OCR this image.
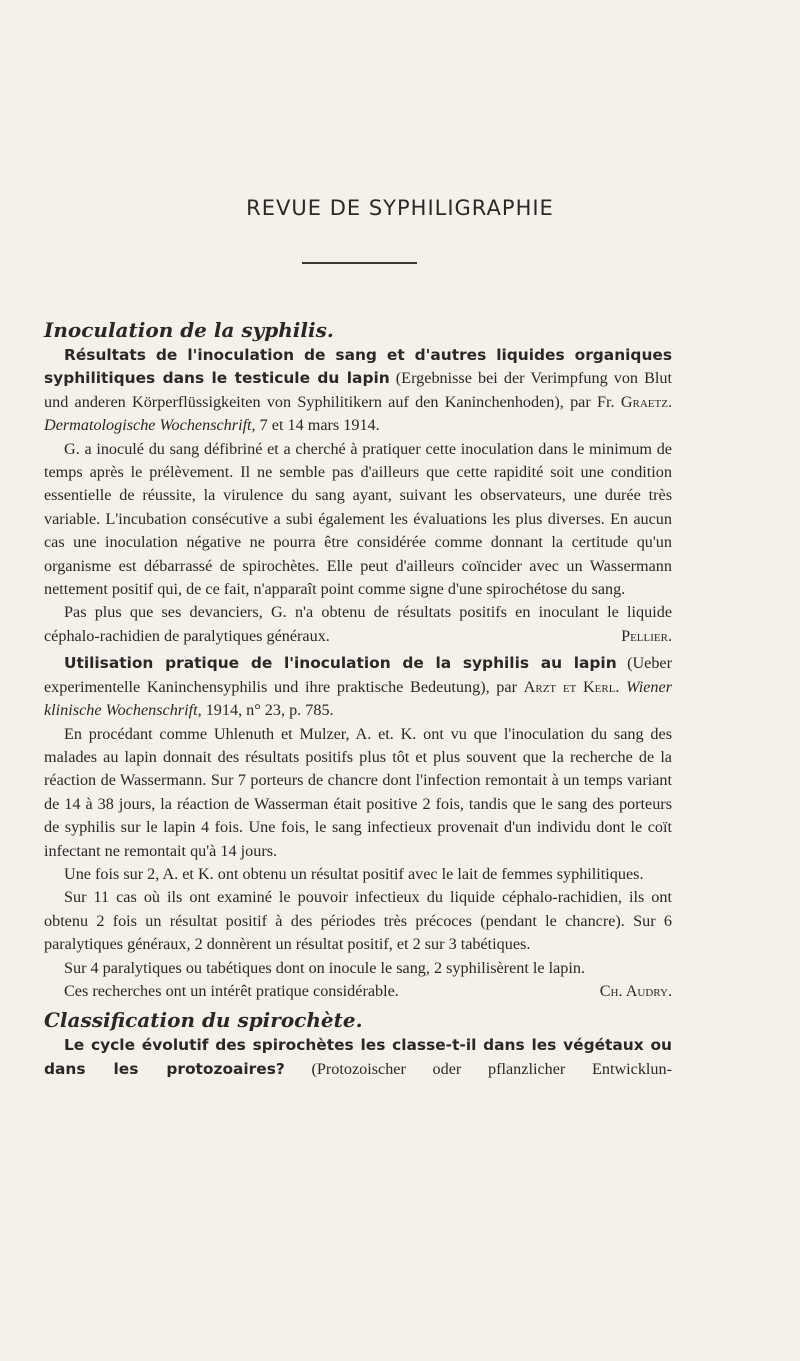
REVUE DE SYPHILIGRAPHIE
Inoculation de la syphilis.

Résultats de l'inoculation de sang et d'autres liquides organiques syphilitiques dans le testicule du lapin (Ergebnisse bei der Verimpfung von Blut und anderen Körperflüssigkeiten von Syphilitikern auf den Kaninchenhoden), par Fr. Graetz. Dermatologische Wochenschrift, 7 et 14 mars 1914.

G. a inoculé du sang défibriné et a cherché à pratiquer cette inoculation dans le minimum de temps après le prélèvement. Il ne semble pas d'ailleurs que cette rapidité soit une condition essentielle de réussite, la virulence du sang ayant, suivant les observateurs, une durée très variable. L'incubation consécutive a subi également les évaluations les plus diverses. En aucun cas une inoculation négative ne pourra être considérée comme donnant la certitude qu'un organisme est débarrassé de spirochètes. Elle peut d'ailleurs coïncider avec un Wassermann nettement positif qui, de ce fait, n'apparaît point comme signe d'une spirochétose du sang.

Pas plus que ses devanciers, G. n'a obtenu de résultats positifs en inoculant le liquide céphalo-rachidien de paralytiques généraux.	Pellier.

Utilisation pratique de l'inoculation de la syphilis au lapin (Ueber experimentelle Kaninchensyphilis und ihre praktische Bedeutung), par Arzt et Kerl. Wiener klinische Wochenschrift, 1914, n° 23, p. 785.

En procédant comme Uhlenuth et Mulzer, A. et. K. ont vu que l'inoculation du sang des malades au lapin donnait des résultats positifs plus tôt et plus souvent que la recherche de la réaction de Wassermann. Sur 7 porteurs de chancre dont l'infection remontait à un temps variant de 14 à 38 jours, la réaction de Wasserman était positive 2 fois, tandis que le sang des porteurs de syphilis sur le lapin 4 fois. Une fois, le sang infectieux provenait d'un individu dont le coït infectant ne remontait qu'à 14 jours.

Une fois sur 2, A. et K. ont obtenu un résultat positif avec le lait de femmes syphilitiques.

Sur 11 cas où ils ont examiné le pouvoir infectieux du liquide céphalo-rachidien, ils ont obtenu 2 fois un résultat positif à des périodes très précoces (pendant le chancre). Sur 6 paralytiques généraux, 2 donnèrent un résultat positif, et 2 sur 3 tabétiques.

Sur 4 paralytiques ou tabétiques dont on inocule le sang, 2 syphilisèrent le lapin.

Ces recherches ont un intérêt pratique considérable.	Ch. Audry.

Classification du spirochète.

Le cycle évolutif des spirochètes les classe-t-il dans les végétaux ou dans les protozoaires? (Protozoischer oder pflanzlicher Entwicklun-
